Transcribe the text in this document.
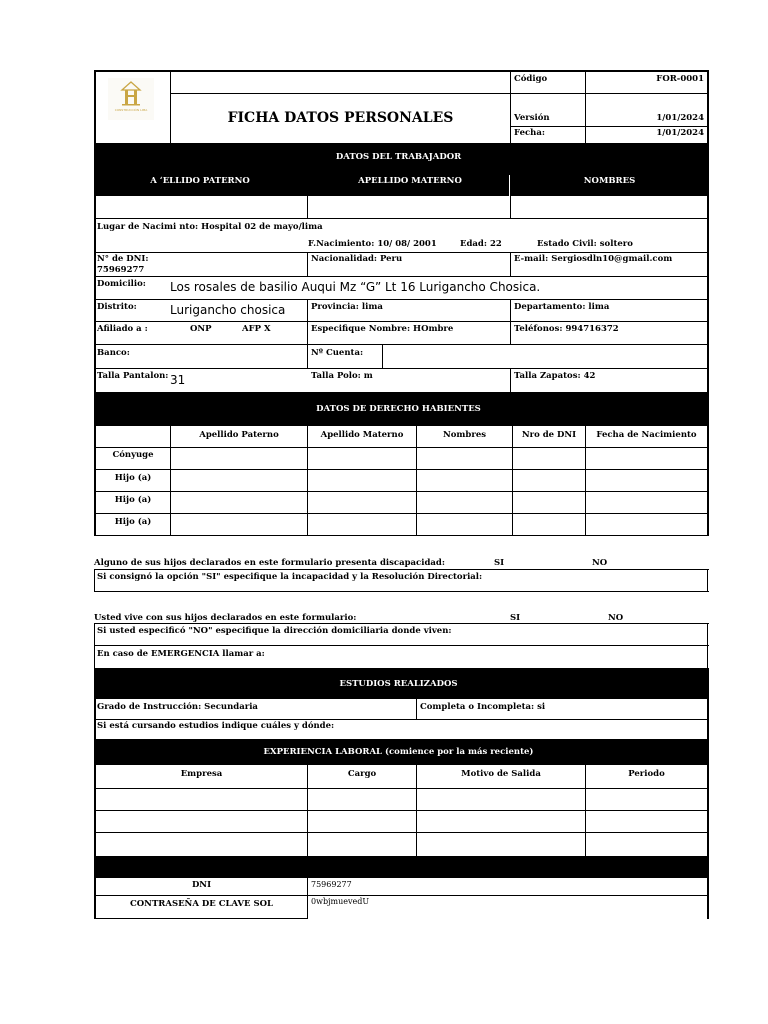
CONSTRUCCIÓN LIMA	FICHA DATOS PERSONALES
Código	FOR-0001
Versión	1/01/2024
Fecha:	1/01/2024
DATOS DEL TRABAJADOR
A ‘ELLIDO PATERNO	APELLIDO MATERNO	NOMBRES
Lugar de Nacimi nto: Hospital 02 de mayo/lima
F.Nacimiento: 10/ 08/ 2001	Edad: 22	Estado Civil: soltero
N° de DNI:
75969277
Nacionalidad: Peru	E-mail: Sergiosdln10@gmail.com
Domicilio: Los rosales de basilio Auqui Mz “G” Lt 16 Lurigancho Chosica.
Distrito:	Lurigancho chosica	Provincia: lima	Departamento: lima
Afiliado a :	ONP	AFP X	Especifique Nombre: HOmbre	Teléfonos: 994716372
Banco:	Nº Cuenta:
Talla Pantalon: 31	Talla Polo: m	Talla Zapatos: 42
DATOS DE DERECHO HABIENTES
Apellido Paterno	Apellido Materno	Nombres	Nro de DNI	Fecha de Nacimiento
Cónyuge
Hijo (a)
Hijo (a)
Hijo (a)
Alguno de sus hijos declarados en este formulario presenta discapacidad:	SI	NO
Si consignó la opción "SI" especifique la incapacidad y la Resolución Directorial:
Usted vive con sus hijos declarados en este formulario:	SI	NO
Si usted especificó "NO" especifique la dirección domiciliaria donde viven:
En caso de EMERGENCIA llamar a:
ESTUDIOS REALIZADOS
Grado de Instrucción: Secundaria	Completa o Incompleta: si
Si está cursando estudios indique cuáles y dónde:
EXPERIENCIA LABORAL (comience por la más reciente)
Empresa	Cargo	Motivo de Salida	Periodo
DNI	75969277
CONTRASEÑA DE CLAVE SOL	0wbjmuevedU
